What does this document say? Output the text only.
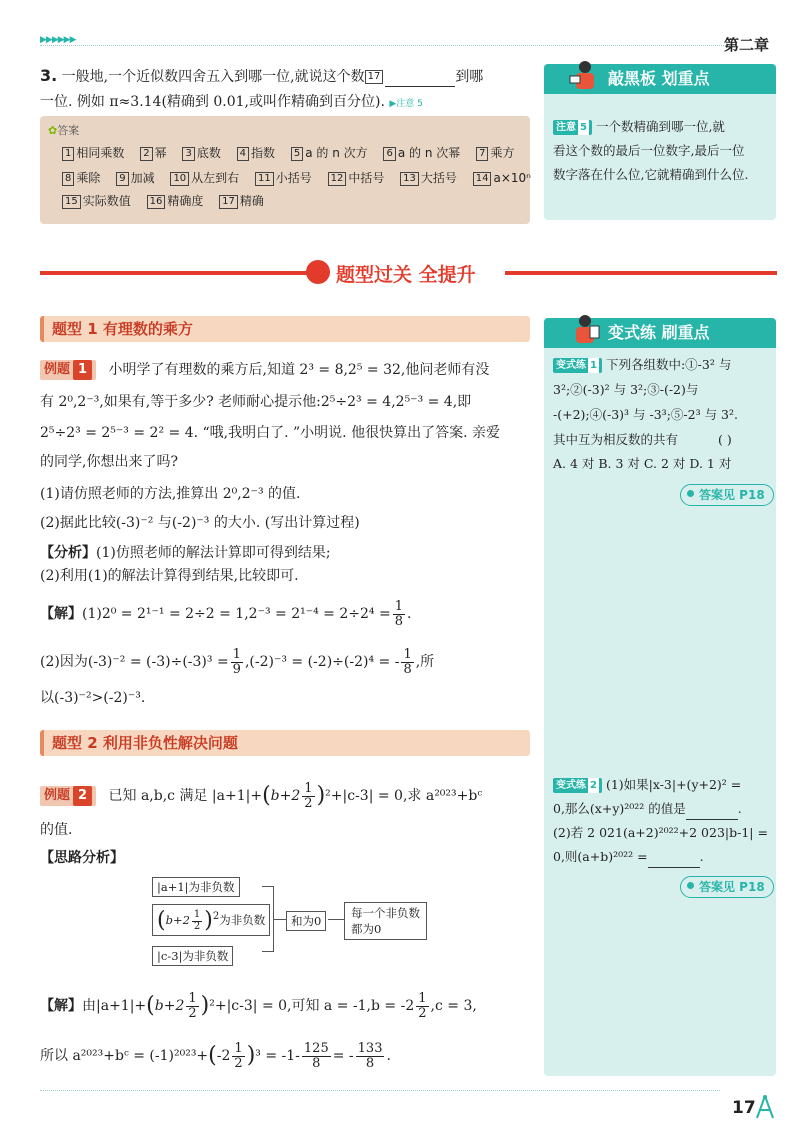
▶▶▶▶▶▶	第二章
3. 一般地,一个近似数四舍五入到哪一位,就说这个数 17	到哪
一位. 例如 π≈3.14(精确到 0.01,或叫作精确到百分位). ▶注意 5
✿答案
1 相同乘数 2 幂 3 底数 4 指数 5 a 的 n 次方 6 a 的 n 次幂 7 乘方
8 乘除 9 加减 10 从左到右 11 小括号 12 中括号 13 大括号 14 a×10ⁿ
15 实际数值 16 精确度 17 精确
敲黑板 划重点
注意 5 一个数精确到哪一位,就
看这个数的最后一位数字,最后一位
数字落在什么位,它就精确到什么位.
题型过关 全提升
题型 1 有理数的乘方	变式练 刷重点
例题 1 小明学了有理数的乘方后,知道 2³ = 8,2⁵ = 32,他问老师有没
有 2⁰,2⁻³,如果有,等于多少? 老师耐心提示他:2⁵÷2³ = 4,2⁵⁻³ = 4,即
2⁵÷2³ = 2⁵⁻³ = 2² = 4. “哦,我明白了. ”小明说. 他很快算出了答案. 亲爱
的同学,你想出来了吗?
(1)请仿照老师的方法,推算出 2⁰,2⁻³ 的值.
(2)据此比较(-3)⁻² 与(-2)⁻³ 的大小. (写出计算过程)
【分析】(1)仿照老师的解法计算即可得到结果;
(2)利用(1)的解法计算得到结果,比较即可.
【解】$(1)2^0 = 2^{1-1} = 2\div 2 = 1,2^{-3} = 2^{1-4} = 2\div 2^4 = \frac{1}{8}$ .
(2)因为$(-3)^{-2} = (-3)\div(-3)^3 = \frac{1}{9} ,(-2)^{-3} = (-2)\div(-2)^4$ = - $\frac{1}{8}$ ,所
以(-3)⁻²>(-2)⁻³.
变式练 1 下列各组数中:①-3² 与
3²;②(-3)² 与 3²;③-(-2)与
-(+2);④(-3)³ 与 -3³;⑤-2³ 与 3².
其中互为相反数的共有	( )
A. 4 对 B. 3 对 C. 2 对 D. 1 对
答案见 P18
题型 2 利用非负性解决问题
例题 2 已知 a,b,c 满足 $|a+1|+(b+2 \frac{1}{2} )^2+|c-3| = 0$,求 a²⁰²³+bᶜ
的值.
【思路分析】
|a+1|为非负数
$(b+2 \frac{1}{2} )^2$为非负数
|c-3|为非负数
和为0
每一个非负数
都为0
【解】由$|a+1|+(b+2 \frac{1}{2} )^2+|c-3| = 0$,可知 $a = -1,b = -2 \frac{1}{2} ,c = 3$,
所以 a²⁰²³+bᶜ = $(-1)^{2023}+(-2 \frac{1}{2} )^3 = -1- \frac{125}{8}$ = - $\frac{133}{8}$ .
变式练 2 (1)如果|x-3|+(y+2)² =
0,那么(x+y)²⁰²² 的值是	.
(2)若 2 021(a+2)²⁰²²+2 023|b-1| =
0,则(a+b)²⁰²² =	.
答案见 P18
17
